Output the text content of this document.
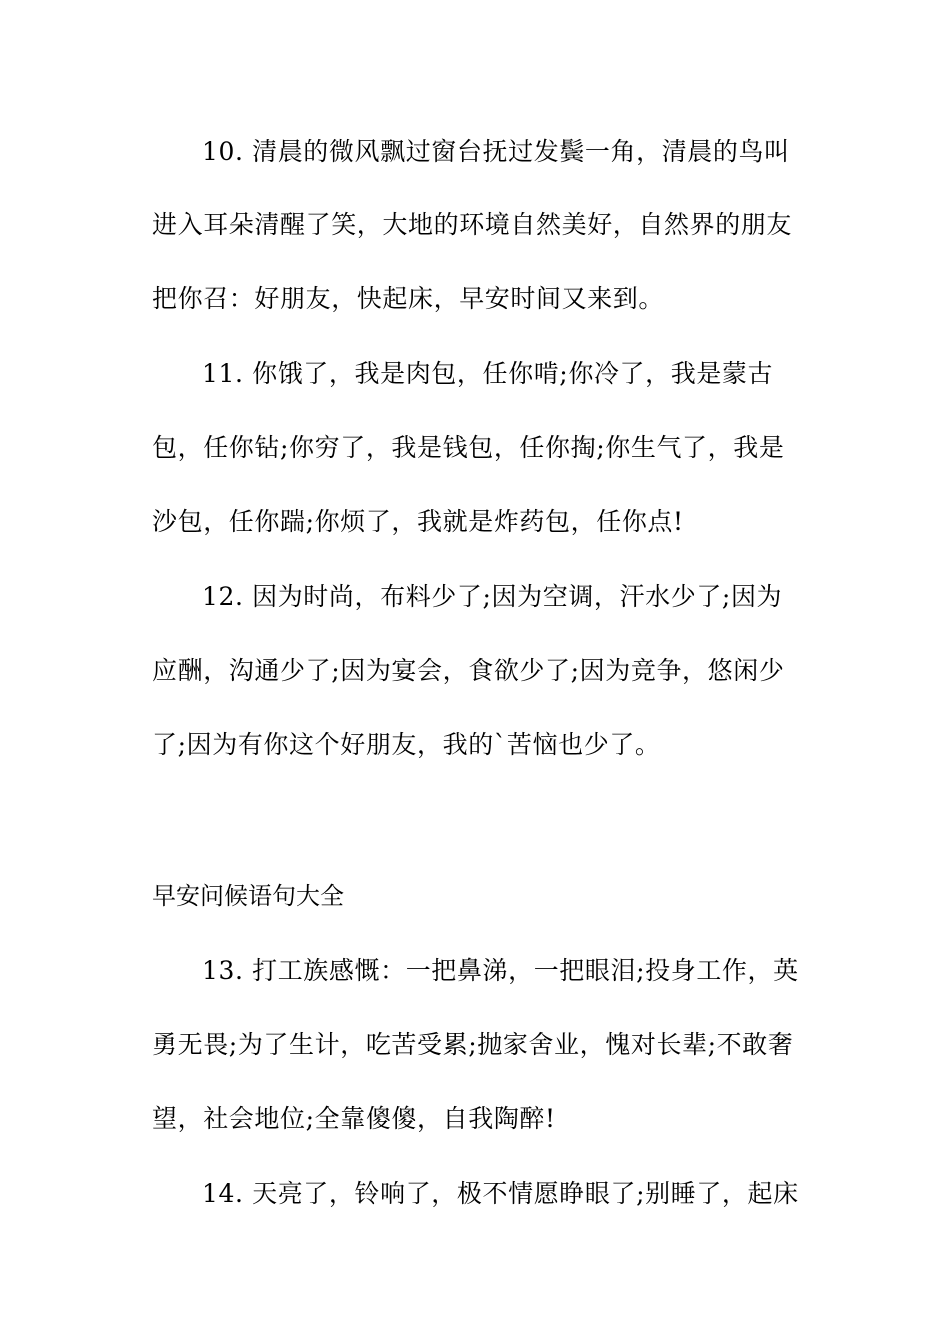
10. 清晨的微风飘过窗台抚过发鬓一角，清晨的鸟叫
进入耳朵清醒了笑，大地的环境自然美好，自然界的朋友
把你召：好朋友，快起床，早安时间又来到。
11. 你饿了，我是肉包，任你啃;你冷了，我是蒙古
包，任你钻;你穷了，我是钱包，任你掏;你生气了，我是
沙包，任你踹;你烦了，我就是炸药包，任你点!
12. 因为时尚，布料少了;因为空调，汗水少了;因为
应酬，沟通少了;因为宴会，食欲少了;因为竞争，悠闲少
了;因为有你这个好朋友，我的`苦恼也少了。
早安问候语句大全
13. 打工族感慨：一把鼻涕，一把眼泪;投身工作，英
勇无畏;为了生计，吃苦受累;抛家舍业，愧对长辈;不敢奢
望，社会地位;全靠傻傻，自我陶醉!
14. 天亮了，铃响了，极不情愿睁眼了;别睡了，起床
